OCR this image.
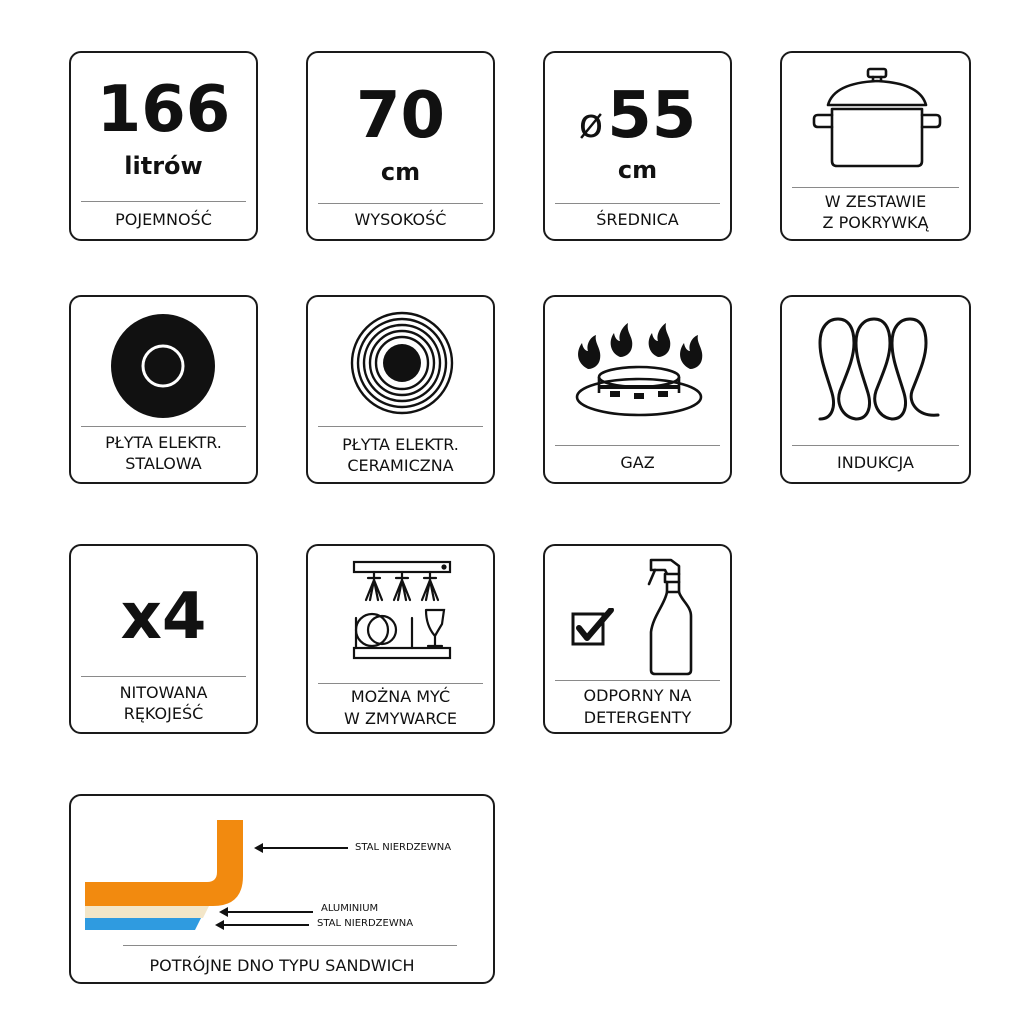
166
litrów
POJEMNOŚĆ
70
cm
WYSOKOŚĆ
ø55
cm
ŚREDNICA
W ZESTAWIE
Z POKRYWKĄ
PŁYTA ELEKTR.
STALOWA
PŁYTA ELEKTR.
CERAMICZNA	GAZ	INDUKCJA
x4
NITOWANA
RĘKOJEŚĆ
MOŻNA MYĆ
W ZMYWARCE
ODPORNY NA
DETERGENTY
STAL NIERDZEWNA
ALUMINIUM
STAL NIERDZEWNA
POTRÓJNE DNO TYPU SANDWICH
